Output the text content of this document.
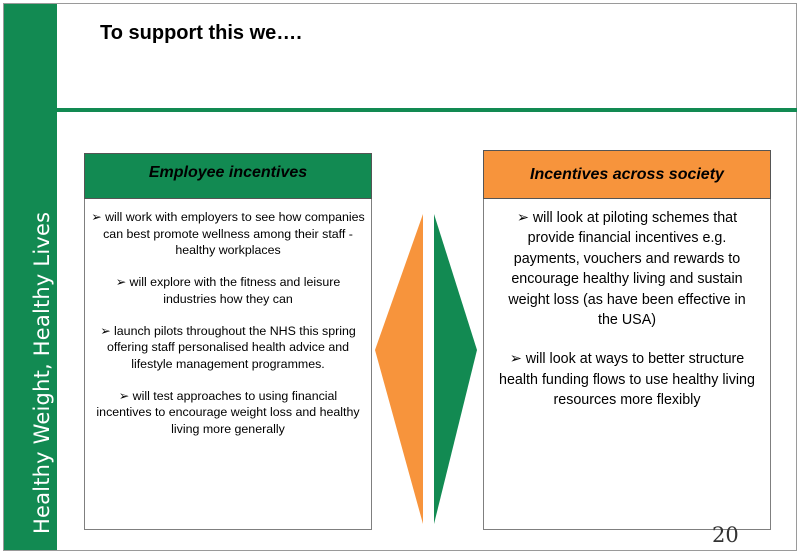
Healthy Weight, Healthy Lives
To support this we….
Employee incentives
➢ will work with employers to see how companies can best promote wellness among their staff - healthy workplaces
➢ will explore with the fitness and leisure industries how they can
➢ launch pilots throughout the NHS this spring offering staff personalised health advice and lifestyle management programmes.
➢ will test approaches to using financial incentives to encourage weight loss and healthy living more generally
Incentives across society
➢ will look at piloting schemes that provide financial incentives e.g. payments, vouchers and rewards to encourage healthy living and sustain weight loss (as have been effective in the USA)
➢ will look at ways to better structure health funding flows to use healthy living resources more flexibly
20
